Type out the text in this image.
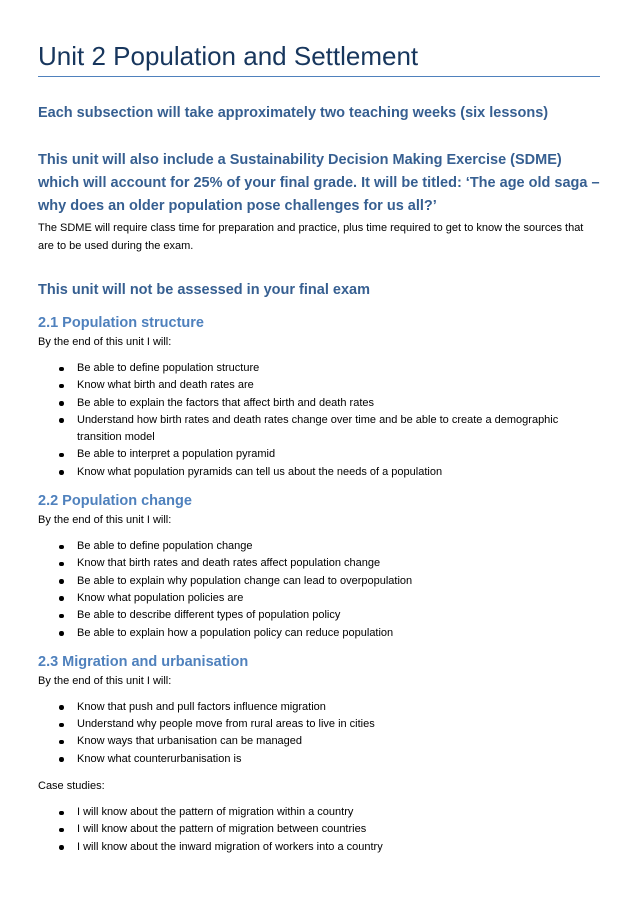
Unit 2 Population and Settlement

Each subsection will take approximately two teaching weeks (six lessons)

This unit will also include a Sustainability Decision Making Exercise (SDME) which will account for 25% of your final grade. It will be titled: ‘The age old saga – why does an older population pose challenges for us all?’

The SDME will require class time for preparation and practice, plus time required to get to know the sources that are to be used during the exam.

This unit will not be assessed in your final exam

2.1 Population structure

By the end of this unit I will:

Be able to define population structure
Know what birth and death rates are
Be able to explain the factors that affect birth and death rates
Understand how birth rates and death rates change over time and be able to create a demographic transition model
Be able to interpret a population pyramid
Know what population pyramids can tell us about the needs of a population
2.2 Population change

By the end of this unit I will:

Be able to define population change
Know that birth rates and death rates affect population change
Be able to explain why population change can lead to overpopulation
Know what population policies are
Be able to describe different types of population policy
Be able to explain how a population policy can reduce population
2.3 Migration and urbanisation

By the end of this unit I will:

Know that push and pull factors influence migration
Understand why people move from rural areas to live in cities
Know ways that urbanisation can be managed
Know what counterurbanisation is

Case studies:

I will know about the pattern of migration within a country
I will know about the pattern of migration between countries
I will know about the inward migration of workers into a country
